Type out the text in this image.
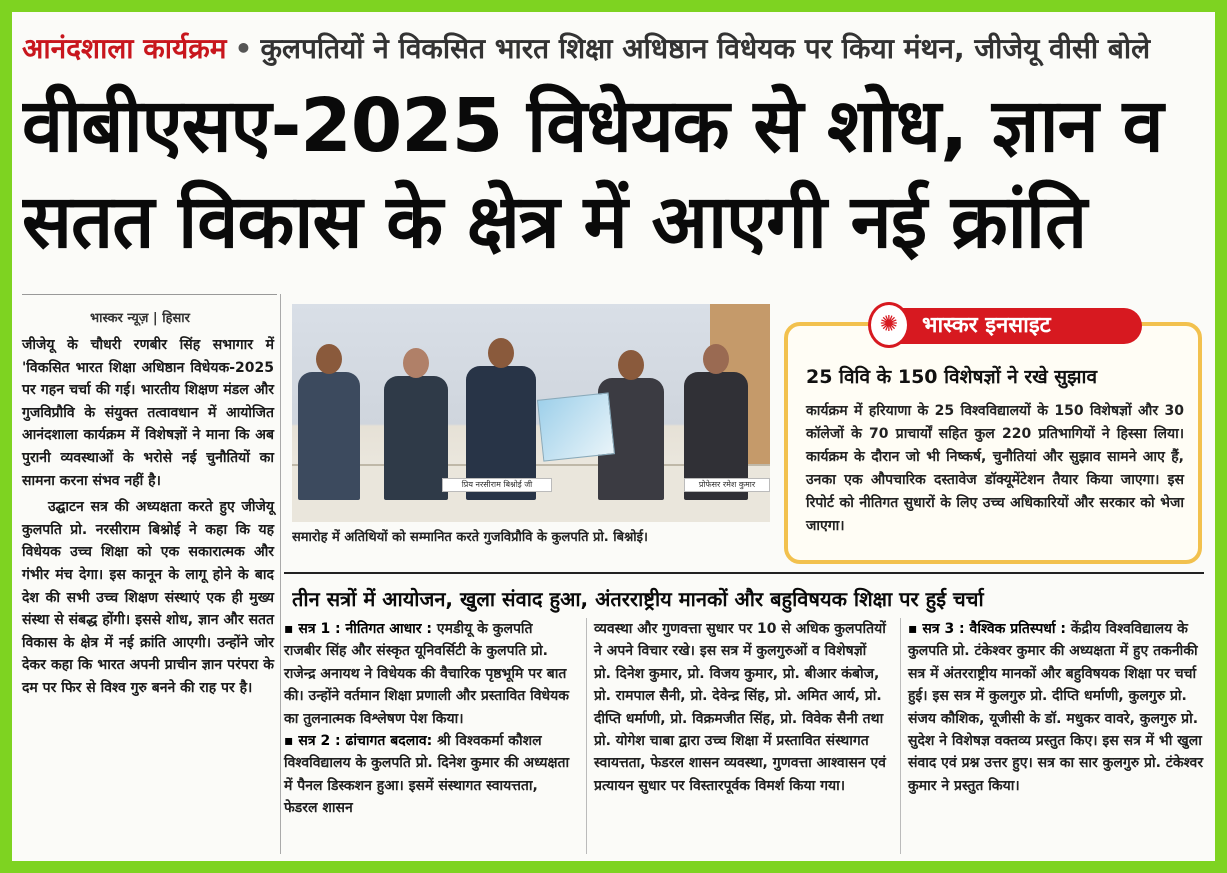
आनंदशाला कार्यक्रम • कुलपतियों ने विकसित भारत शिक्षा अधिष्ठान विधेयक पर किया मंथन, जीजेयू वीसी बोले
वीबीएसए-2025 विधेयक से शोध, ज्ञान व
सतत विकास के क्षेत्र में आएगी नई क्रांति
भास्कर न्यूज़ | हिसार

जीजेयू के चौधरी रणबीर सिंह सभागार में 'विकसित भारत शिक्षा अधिष्ठान विधेयक-2025 पर गहन चर्चा की गई। भारतीय शिक्षण मंडल और गुजविप्रौवि के संयुक्त तत्वावधान में आयोजित आनंदशाला कार्यक्रम में विशेषज्ञों ने माना कि अब पुरानी व्यवस्थाओं के भरोसे नई चुनौतियों का सामना करना संभव नहीं है।

उद्घाटन सत्र की अध्यक्षता करते हुए जीजेयू कुलपति प्रो. नरसीराम बिश्नोई ने कहा कि यह विधेयक उच्च शिक्षा को एक सकारात्मक और गंभीर मंच देगा। इस कानून के लागू होने के बाद देश की सभी उच्च शिक्षण संस्थाएं एक ही मुख्य संस्था से संबद्ध होंगी। इससे शोध, ज्ञान और सतत विकास के क्षेत्र में नई क्रांति आएगी। उन्होंने जोर देकर कहा कि भारत अपनी प्राचीन ज्ञान परंपरा के दम पर फिर से विश्व गुरु बनने की राह पर है।

प्रिय नरसीराम बिश्नोई जी	प्रोफेसर रमेश कुमार
समारोह में अतिथियों को सम्मानित करते गुजविप्रौवि के कुलपति प्रो. बिश्नोई।
भास्कर इनसाइट
✺
25 विवि के 150 विशेषज्ञों ने रखे सुझाव

कार्यक्रम में हरियाणा के 25 विश्वविद्यालयों के 150 विशेषज्ञों और 30 कॉलेजों के 70 प्राचार्यों सहित कुल 220 प्रतिभागियों ने हिस्सा लिया। कार्यक्रम के दौरान जो भी निष्कर्ष, चुनौतियां और सुझाव सामने आए हैं, उनका एक औपचारिक दस्तावेज डॉक्यूमेंटेशन तैयार किया जाएगा। इस रिपोर्ट को नीतिगत सुधारों के लिए उच्च अधिकारियों और सरकार को भेजा जाएगा।

तीन सत्रों में आयोजन, खुला संवाद हुआ, अंतरराष्ट्रीय मानकों और बहुविषयक शिक्षा पर हुई चर्चा
▪ सत्र 1 : नीतिगत आधार : एमडीयू के कुलपति राजबीर सिंह और संस्कृत यूनिवर्सिटी के कुलपति प्रो. राजेन्द्र अनायथ ने विधेयक की वैचारिक पृष्ठभूमि पर बात की। उन्होंने वर्तमान शिक्षा प्रणाली और प्रस्तावित विधेयक का तुलनात्मक विश्लेषण पेश किया।
▪ सत्र 2 : ढांचागत बदलाव: श्री विश्वकर्मा कौशल विश्वविद्यालय के कुलपति प्रो. दिनेश कुमार की अध्यक्षता में पैनल डिस्कशन हुआ। इसमें संस्थागत स्वायत्तता, फेडरल शासन
व्यवस्था और गुणवत्ता सुधार पर 10 से अधिक कुलपतियों ने अपने विचार रखे। इस सत्र में कुलगुरुओं व विशेषज्ञों प्रो. दिनेश कुमार, प्रो. विजय कुमार, प्रो. बीआर कंबोज, प्रो. रामपाल सैनी, प्रो. देवेन्द्र सिंह, प्रो. अमित आर्य, प्रो. दीप्ति धर्माणी, प्रो. विक्रमजीत सिंह, प्रो. विवेक सैनी तथा प्रो. योगेश चाबा द्वारा उच्च शिक्षा में प्रस्तावित संस्थागत स्वायत्तता, फेडरल शासन व्यवस्था, गुणवत्ता आश्वासन एवं प्रत्यायन सुधार पर विस्तारपूर्वक विमर्श किया गया।
▪ सत्र 3 : वैश्विक प्रतिस्पर्धा : केंद्रीय विश्वविद्यालय के कुलपति प्रो. टंकेश्वर कुमार की अध्यक्षता में हुए तकनीकी सत्र में अंतरराष्ट्रीय मानकों और बहुविषयक शिक्षा पर चर्चा हुई। इस सत्र में कुलगुरु प्रो. दीप्ति धर्माणी, कुलगुरु प्रो. संजय कौशिक, यूजीसी के डॉ. मधुकर वावरे, कुलगुरु प्रो. सुदेश ने विशेषज्ञ वक्तव्य प्रस्तुत किए। इस सत्र में भी खुला संवाद एवं प्रश्न उत्तर हुए। सत्र का सार कुलगुरु प्रो. टंकेश्वर कुमार ने प्रस्तुत किया।
